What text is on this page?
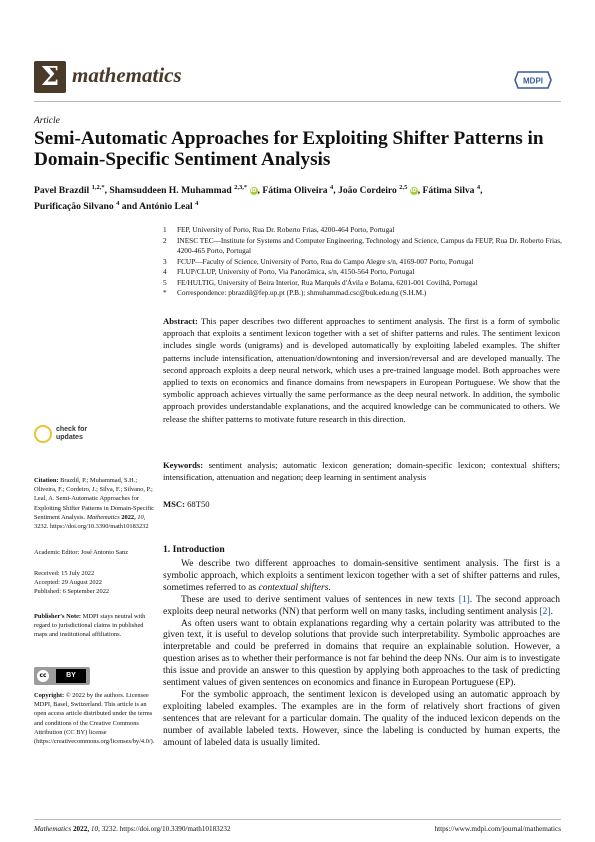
Σ mathematics	MDPI
Article
Semi-Automatic Approaches for Exploiting Shifter Patterns in Domain-Specific Sentiment Analysis
Pavel Brazdil $^{1,2,*}$, Shamsuddeen H. Muhammad $^{2,3,*}$ iD, Fátima Oliveira $^4$, João Cordeiro $^{2,5}$ iD, Fátima Silva $^4$,
Purificação Silvano $^4$ and António Leal $^4$
1	FEP, University of Porto, Rua Dr. Roberto Frias, 4200-464 Porto, Portugal
2	INESC TEC—Institute for Systems and Computer Engineering, Technology and Science, Campus da FEUP, Rua Dr. Roberto Frias, 4200-465 Porto, Portugal
3	FCUP—Faculty of Science, University of Porto, Rua do Campo Alegre s/n, 4169-007 Porto, Portugal
4	FLUP/CLUP, University of Porto, Via Panorâmica, s/n, 4150-564 Porto, Portugal
5	FE/HULTIG, University of Beira Interior, Rua Marquês d'Ávila e Bolama, 6201-001 Covilhã, Portugal
*	Correspondence: pbrazdil@fep.up.pt (P.B.); shmuhammad.csc@buk.edu.ng (S.H.M.)
Abstract: This paper describes two different approaches to sentiment analysis. The first is a form of symbolic approach that exploits a sentiment lexicon together with a set of shifter patterns and rules. The sentiment lexicon includes single words (unigrams) and is developed automatically by exploiting labeled examples. The shifter patterns include intensification, attenuation/downtoning and inversion/reversal and are developed manually. The second approach exploits a deep neural network, which uses a pre-trained language model. Both approaches were applied to texts on economics and finance domains from newspapers in European Portuguese. We show that the symbolic approach achieves virtually the same performance as the deep neural network. In addition, the symbolic approach provides understandable explanations, and the acquired knowledge can be communicated to others. We release the shifter patterns to motivate future research in this direction.
Keywords: sentiment analysis; automatic lexicon generation; domain-specific lexicon; contextual shifters; intensification, attenuation and negation; deep learning in sentiment analysis
MSC: 68T50
1. Introduction

We describe two different approaches to domain-sensitive sentiment analysis. The first is a symbolic approach, which exploits a sentiment lexicon together with a set of shifter patterns and rules, sometimes referred to as contextual shifters.

These are used to derive sentiment values of sentences in new texts [1]. The second approach exploits deep neural networks (NN) that perform well on many tasks, including sentiment analysis [2].

As often users want to obtain explanations regarding why a certain polarity was attributed to the given text, it is useful to develop solutions that provide such interpretability. Symbolic approaches are interpretable and could be preferred in domains that require an explainable solution. However, a question arises as to whether their performance is not far behind the deep NNs. Our aim is to investigate this issue and provide an answer to this question by applying both approaches to the task of predicting sentiment values of given sentences on economics and finance in European Portuguese (EP).

For the symbolic approach, the sentiment lexicon is developed using an automatic approach by exploiting labeled examples. The examples are in the form of relatively short fractions of given sentences that are relevant for a particular domain. The quality of the induced lexicon depends on the number of available labeled texts. However, since the labeling is conducted by human experts, the amount of labeled data is usually limited.

check for
updates
Citation: Brazdil, P.; Muhammad, S.H.; Oliveira, F.; Cordeiro, J.; Silva, F.; Silvano, P.; Leal, A. Semi-Automatic Approaches for Exploiting Shifter Patterns in Domain-Specific Sentiment Analysis. Mathematics 2022, 10, 3232. https://doi.org/10.3390/math10183232
Academic Editor: José Antonio Sanz
Received: 15 July 2022
Accepted: 29 August 2022
Published: 6 September 2022
Publisher's Note: MDPI stays neutral with regard to jurisdictional claims in published maps and institutional affiliations.
cc	BY
Copyright: © 2022 by the authors. Licensee MDPI, Basel, Switzerland. This article is an open access article distributed under the terms and conditions of the Creative Commons Attribution (CC BY) license (https://creativecommons.org/licenses/by/4.0/).
Mathematics 2022, 10, 3232. https://doi.org/10.3390/math10183232	https://www.mdpi.com/journal/mathematics
